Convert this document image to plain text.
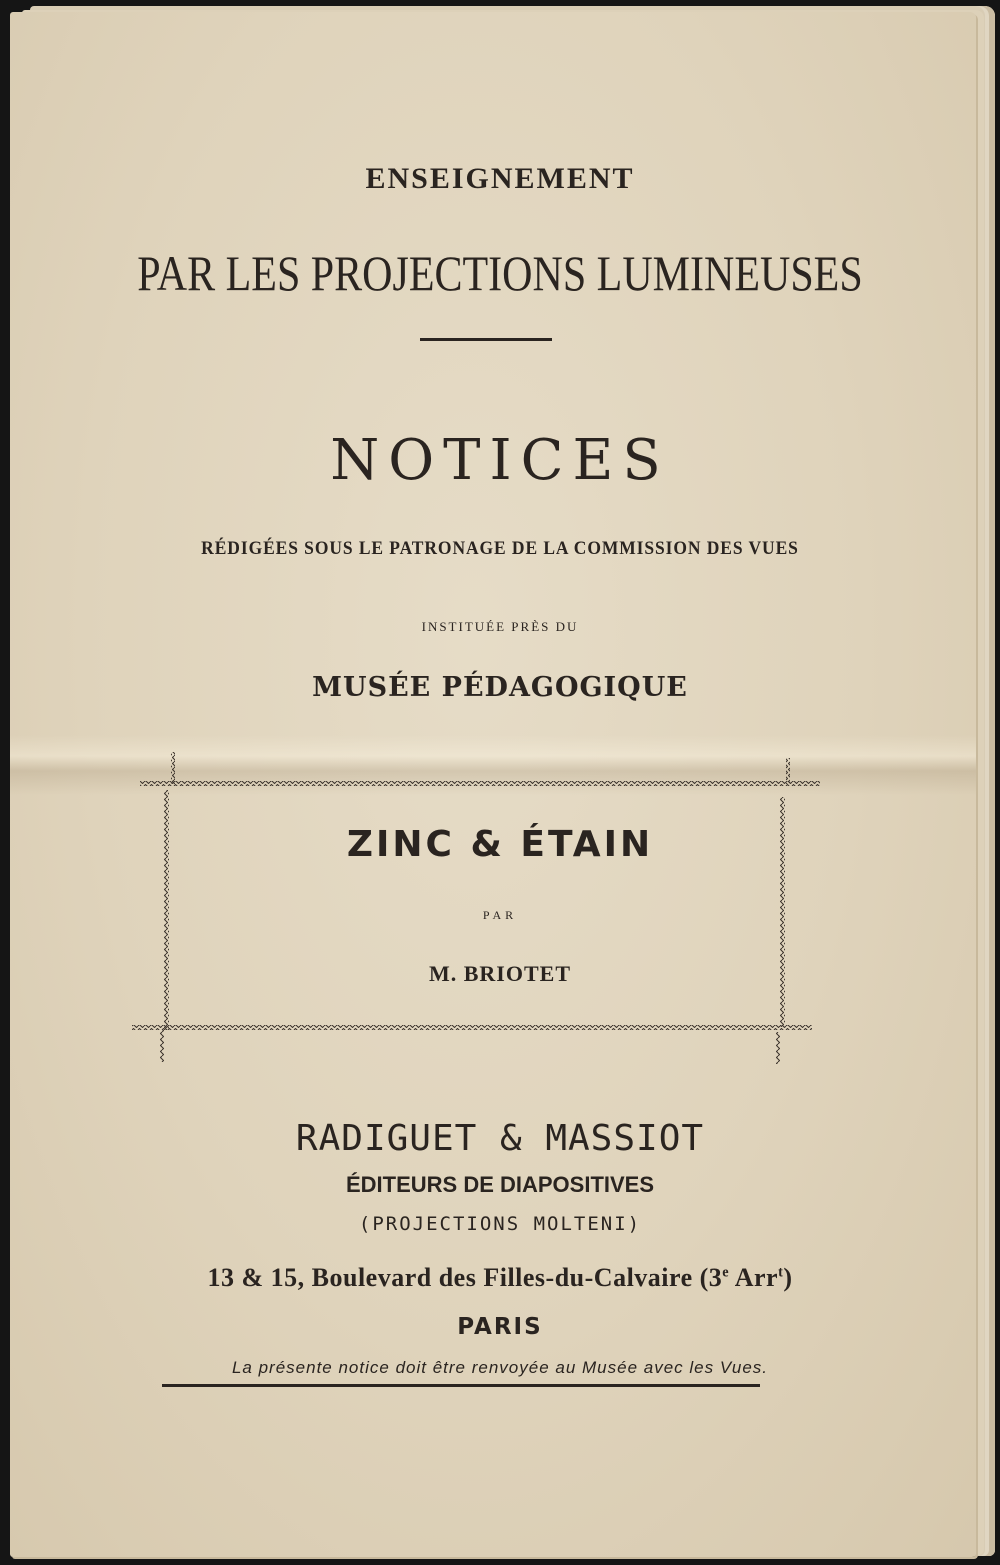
ENSEIGNEMENT
PAR LES PROJECTIONS LUMINEUSES
NOTICES
RÉDIGÉES SOUS LE PATRONAGE DE LA COMMISSION DES VUES
INSTITUÉE PRÈS DU
MUSÉE PÉDAGOGIQUE
ZINC & ÉTAIN
PAR
M. BRIOTET
RADIGUET & MASSIOT
ÉDITEURS DE DIAPOSITIVES
(PROJECTIONS MOLTENI)
13 & 15, Boulevard des Filles-du-Calvaire (3e Arr$^t$)
PARIS
La présente notice doit être renvoyée au Musée avec les Vues.
